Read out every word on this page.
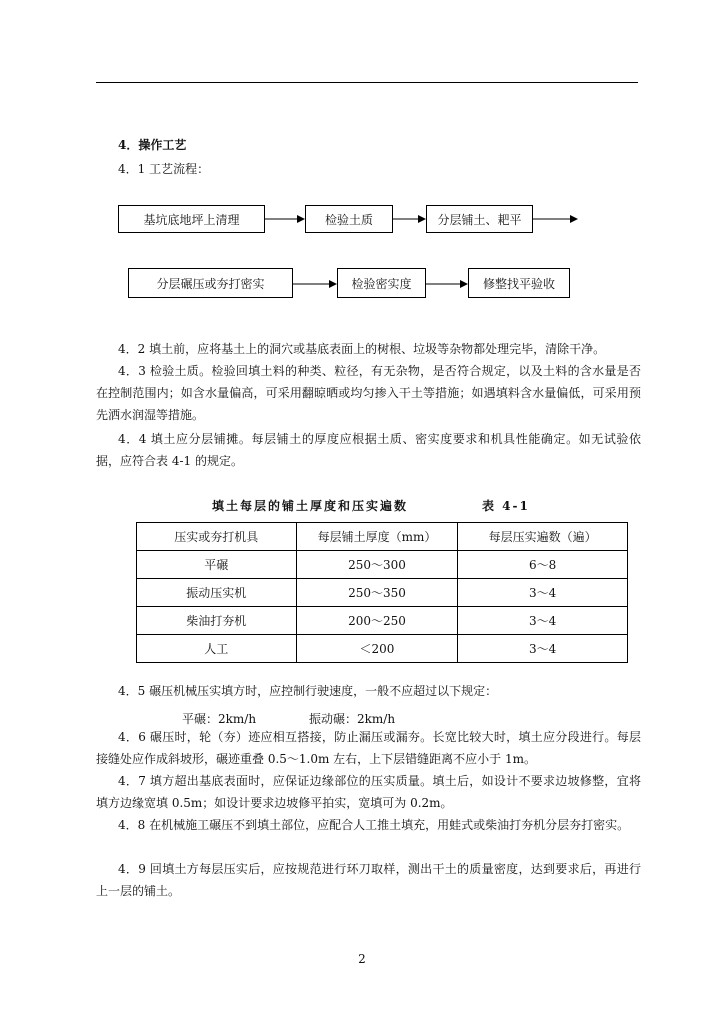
4．操作工艺
4．1 工艺流程：
基坑底地坪上清理	检验土质	分层铺土、耙平
分层碾压或夯打密实	检验密实度	修整找平验收
4．2 填土前，应将基土上的洞穴或基底表面上的树根、垃圾等杂物都处理完毕，清除干净。
4．3 检验土质。检验回填土料的种类、粒径，有无杂物，是否符合规定，以及土料的含水量是否在控制范围内；如含水量偏高，可采用翻晾晒或均匀掺入干土等措施；如遇填料含水量偏低，可采用预先洒水润湿等措施。
4．4 填土应分层铺摊。每层铺土的厚度应根据土质、密实度要求和机具性能确定。如无试验依据，应符合表 4-1 的规定。
填土每层的铺土厚度和压实遍数	表 4-1
压实或夯打机具	每层铺土厚度（mm）	每层压实遍数（遍）
平碾	250～300	6～8
振动压实机	250～350	3～4
柴油打夯机	200～250	3～4
人工	＜200	3～4
4．5 碾压机械压实填方时，应控制行驶速度，一般不应超过以下规定：
平碾：2km/h	振动碾：2km/h
4．6 碾压时，轮（夯）迹应相互搭接，防止漏压或漏夯。长宽比较大时，填土应分段进行。每层接缝处应作成斜坡形，碾迹重叠 0.5～1.0m 左右，上下层错缝距离不应小于 1m。
4．7 填方超出基底表面时，应保证边缘部位的压实质量。填土后，如设计不要求边坡修整，宜将填方边缘宽填 0.5m；如设计要求边坡修平拍实，宽填可为 0.2m。
4．8 在机械施工碾压不到填土部位，应配合人工推土填充，用蛙式或柴油打夯机分层夯打密实。
4．9 回填土方每层压实后，应按规范进行环刀取样，测出干土的质量密度，达到要求后，再进行上一层的铺土。
2
